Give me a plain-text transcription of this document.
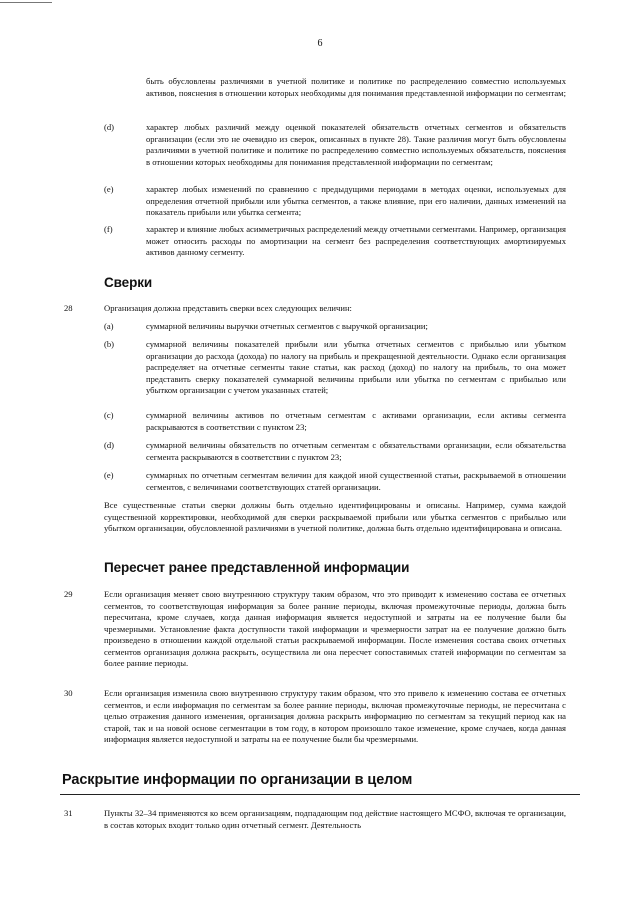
6
быть обусловлены различиями в учетной политике и политике по распределению совместно используемых активов, пояснения в отношении которых необходимы для понимания представленной информации по сегментам;
(d)	характер любых различий между оценкой показателей обязательств отчетных сегментов и обязательств организации (если это не очевидно из сверок, описанных в пункте 28). Такие различия могут быть обусловлены различиями в учетной политике и политике по распределению совместно используемых обязательств, пояснения в отношении которых необходимы для понимания представленной информации по сегментам;
(e)	характер любых изменений по сравнению с предыдущими периодами в методах оценки, используемых для определения отчетной прибыли или убытка сегментов, а также влияние, при его наличии, данных изменений на показатель прибыли или убытка сегмента;
(f)	характер и влияние любых асимметричных распределений между отчетными сегментами. Например, организация может относить расходы по амортизации на сегмент без распределения соответствующих амортизируемых активов данному сегменту.
Сверки
28	Организация должна представить сверки всех следующих величин:
(a)	суммарной величины выручки отчетных сегментов с выручкой организации;
(b)	суммарной величины показателей прибыли или убытка отчетных сегментов с прибылью или убытком организации до расхода (дохода) по налогу на прибыль и прекращенной деятельности. Однако если организация распределяет на отчетные сегменты такие статьи, как расход (доход) по налогу на прибыль, то она может представить сверку показателей суммарной величины прибыли или убытка по сегментам с прибылью или убытком организации с учетом указанных статей;
(c)	суммарной величины активов по отчетным сегментам с активами организации, если активы сегмента раскрываются в соответствии с пунктом 23;
(d)	суммарной величины обязательств по отчетным сегментам с обязательствами организации, если обязательства сегмента раскрываются в соответствии с пунктом 23;
(e)	суммарных по отчетным сегментам величин для каждой иной существенной статьи, раскрываемой в отношении сегментов, с величинами соответствующих статей организации.
Все существенные статьи сверки должны быть отдельно идентифицированы и описаны. Например, сумма каждой существенной корректировки, необходимой для сверки раскрываемой прибыли или убытка сегментов с прибылью или убытком организации, обусловленной различиями в учетной политике, должна быть отдельно идентифицирована и описана.
Пересчет ранее представленной информации
29	Если организация меняет свою внутреннюю структуру таким образом, что это приводит к изменению состава ее отчетных сегментов, то соответствующая информация за более ранние периоды, включая промежуточные периоды, должна быть пересчитана, кроме случаев, когда данная информация является недоступной и затраты на ее получение были бы чрезмерными. Установление факта доступности такой информации и чрезмерности затрат на ее получение должно быть произведено в отношении каждой отдельной статьи раскрываемой информации. После изменения состава своих отчетных сегментов организация должна раскрыть, осуществила ли она пересчет сопоставимых статей информации по сегментам за более ранние периоды.
30	Если организация изменила свою внутреннюю структуру таким образом, что это привело к изменению состава ее отчетных сегментов, и если информация по сегментам за более ранние периоды, включая промежуточные периоды, не пересчитана с целью отражения данного изменения, организация должна раскрыть информацию по сегментам за текущий период как на старой, так и на новой основе сегментации в том году, в котором произошло такое изменение, кроме случаев, когда данная информация является недоступной и затраты на ее получение были бы чрезмерными.
Раскрытие информации по организации в целом
31	Пункты 32–34 применяются ко всем организациям, подпадающим под действие настоящего МСФО, включая те организации, в состав которых входит только один отчетный сегмент. Деятельность
